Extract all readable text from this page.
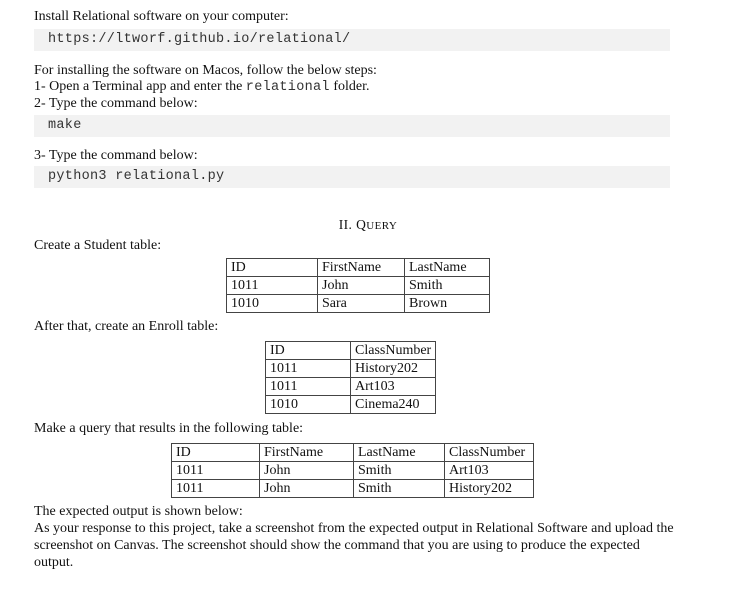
Install Relational software on your computer:
https://ltworf.github.io/relational/
For installing the software on Macos, follow the below steps:
1- Open a Terminal app and enter the relational folder.
2- Type the command below:
make
3- Type the command below:
python3 relational.py
II. QUERY
Create a Student table:
ID	FirstName	LastName
1011	John	Smith
1010	Sara	Brown
After that, create an Enroll table:
ID	ClassNumber
1011	History202
1011	Art103
1010	Cinema240
Make a query that results in the following table:
ID	FirstName	LastName	ClassNumber
1011	John	Smith	Art103
1011	John	Smith	History202
The expected output is shown below:
As your response to this project, take a screenshot from the expected output in Relational Software and upload the screenshot on Canvas. The screenshot should show the command that you are using to produce the expected output.
